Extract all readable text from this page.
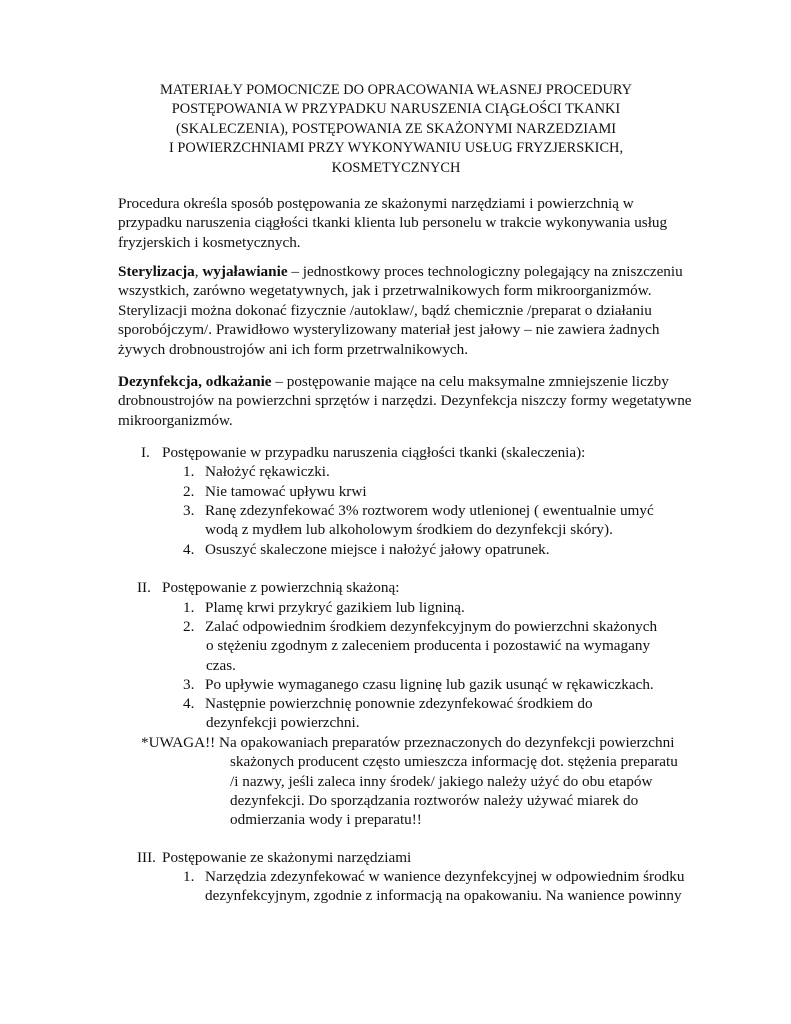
MATERIAŁY POMOCNICZE DO OPRACOWANIA WŁASNEJ PROCEDURY
POSTĘPOWANIA W PRZYPADKU NARUSZENIA CIĄGŁOŚCI TKANKI
(SKALECZENIA), POSTĘPOWANIA ZE SKAŻONYMI NARZEDZIAMI
I POWIERZCHNIAMI PRZY WYKONYWANIU USŁUG FRYZJERSKICH,
KOSMETYCZNYCH
Procedura określa sposób postępowania ze skażonymi narzędziami i powierzchnią w
przypadku naruszenia ciągłości tkanki klienta lub personelu w trakcie wykonywania usług
fryzjerskich i kosmetycznych.
Sterylizacja, wyjaławianie – jednostkowy proces technologiczny polegający na zniszczeniu
wszystkich, zarówno wegetatywnych, jak i przetrwalnikowych form mikroorganizmów.
Sterylizacji można dokonać fizycznie /autoklaw/, bądź chemicznie /preparat o działaniu
sporobójczym/. Prawidłowo wysterylizowany materiał jest jałowy – nie zawiera żadnych
żywych drobnoustrojów ani ich form przetrwalnikowych.
Dezynfekcja, odkażanie – postępowanie mające na celu maksymalne zmniejszenie liczby
drobnoustrojów na powierzchni sprzętów i narzędzi. Dezynfekcja niszczy formy wegetatywne
mikroorganizmów.
I. Postępowanie w przypadku naruszenia ciągłości tkanki (skaleczenia):
1. Nałożyć rękawiczki.
2. Nie tamować upływu krwi
3. Ranę zdezynfekować 3% roztworem wody utlenionej ( ewentualnie umyć
wodą z mydłem lub alkoholowym środkiem do dezynfekcji skóry).
4. Osuszyć skaleczone miejsce i nałożyć jałowy opatrunek.
II. Postępowanie z powierzchnią skażoną:
1. Plamę krwi przykryć gazikiem lub ligniną.
2. Zalać odpowiednim środkiem dezynfekcyjnym do powierzchni skażonych
o stężeniu zgodnym z zaleceniem producenta i pozostawić na wymagany
czas.
3. Po upływie wymaganego czasu ligninę lub gazik usunąć w rękawiczkach.
4. Następnie powierzchnię ponownie zdezynfekować środkiem do
dezynfekcji powierzchni.
*UWAGA!! Na opakowaniach preparatów przeznaczonych do dezynfekcji powierzchni
skażonych producent często umieszcza informację dot. stężenia preparatu
/i nazwy, jeśli zaleca inny środek/ jakiego należy użyć do obu etapów
dezynfekcji. Do sporządzania roztworów należy używać miarek do
odmierzania wody i preparatu!!
III. Postępowanie ze skażonymi narzędziami
1. Narzędzia zdezynfekować w wanience dezynfekcyjnej w odpowiednim środku
dezynfekcyjnym, zgodnie z informacją na opakowaniu. Na wanience powinny
